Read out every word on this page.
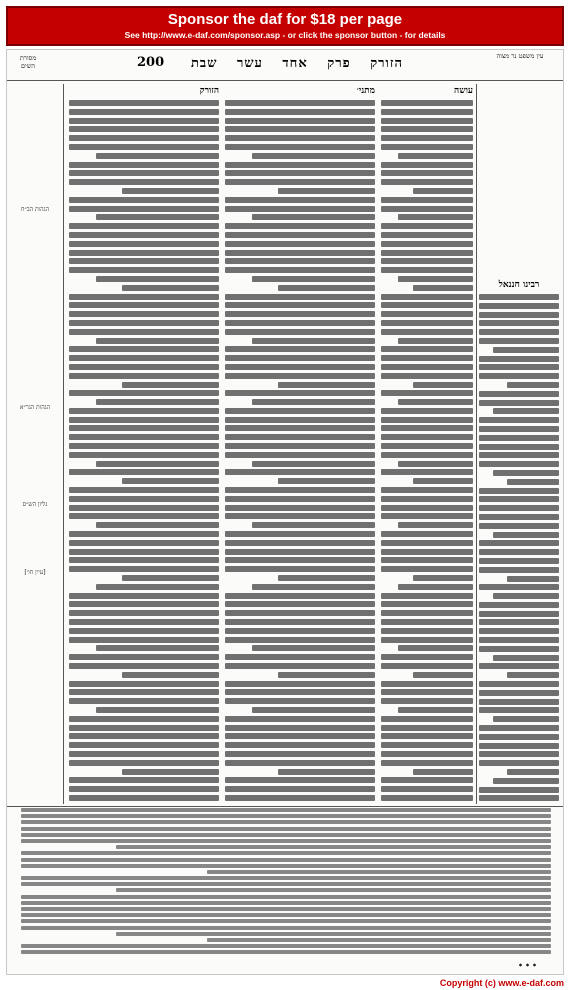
Sponsor the daf for $18 per page
See http://www.e-daf.com/sponsor.asp - or click the sponsor button - for details
עין משפט נר מצוה
הזורק פרק אחד עשר שבת
200
מסורת השים
רבינו חננאל
עושה
מתני׳
הזורק
הגהות הב״ח
הגהות הגר״א
גליון הש״ס
[עיין חו׳]
Copyright (c) www.e-daf.com
